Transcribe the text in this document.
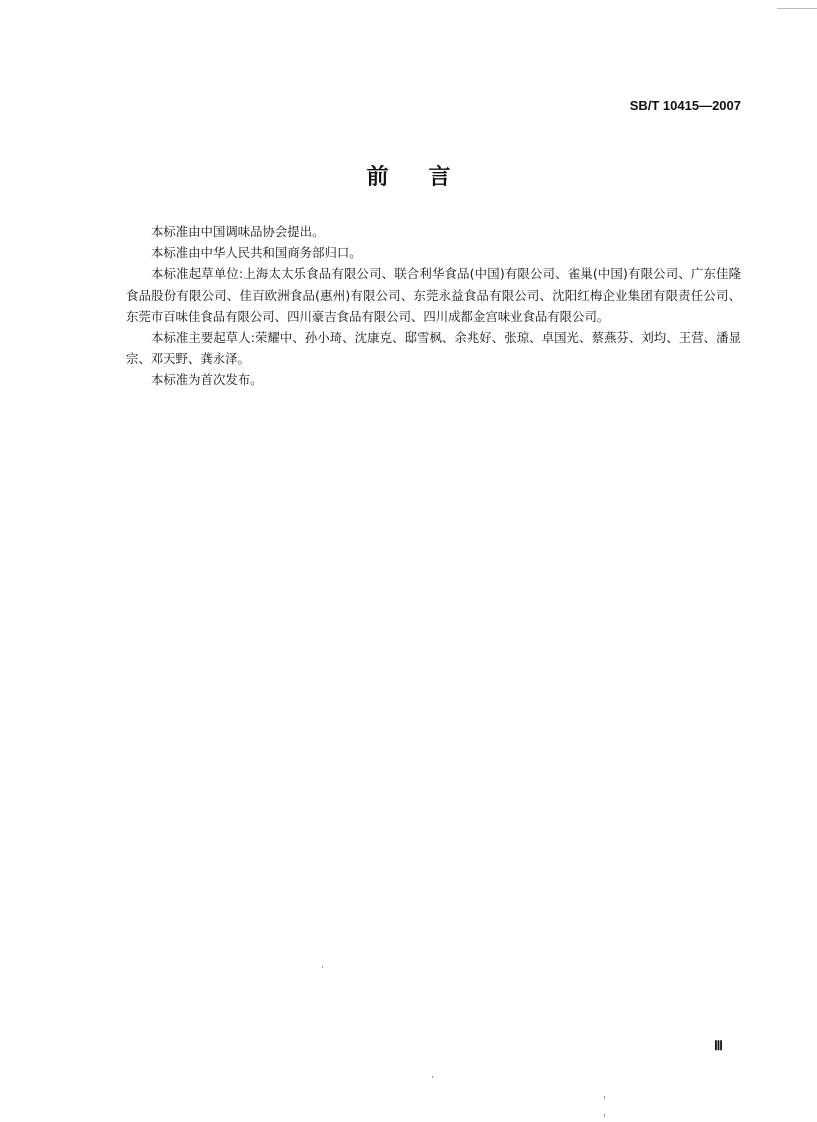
SB/T 10415—2007
前 言

本标准由中国调味品协会提出。

本标准由中华人民共和国商务部归口。

本标准起草单位:上海太太乐食品有限公司、联合利华食品(中国)有限公司、雀巢(中国)有限公司、广东佳隆食品股份有限公司、佳百欧洲食品(惠州)有限公司、东莞永益食品有限公司、沈阳红梅企业集团有限责任公司、东莞市百味佳食品有限公司、四川豪吉食品有限公司、四川成都金宫味业食品有限公司。

本标准主要起草人:荣耀中、孙小琦、沈康克、邸雪枫、余兆好、张琼、卓国光、蔡燕芬、刘均、王营、潘显宗、邓天野、龚永泽。

本标准为首次发布。

Ⅲ
